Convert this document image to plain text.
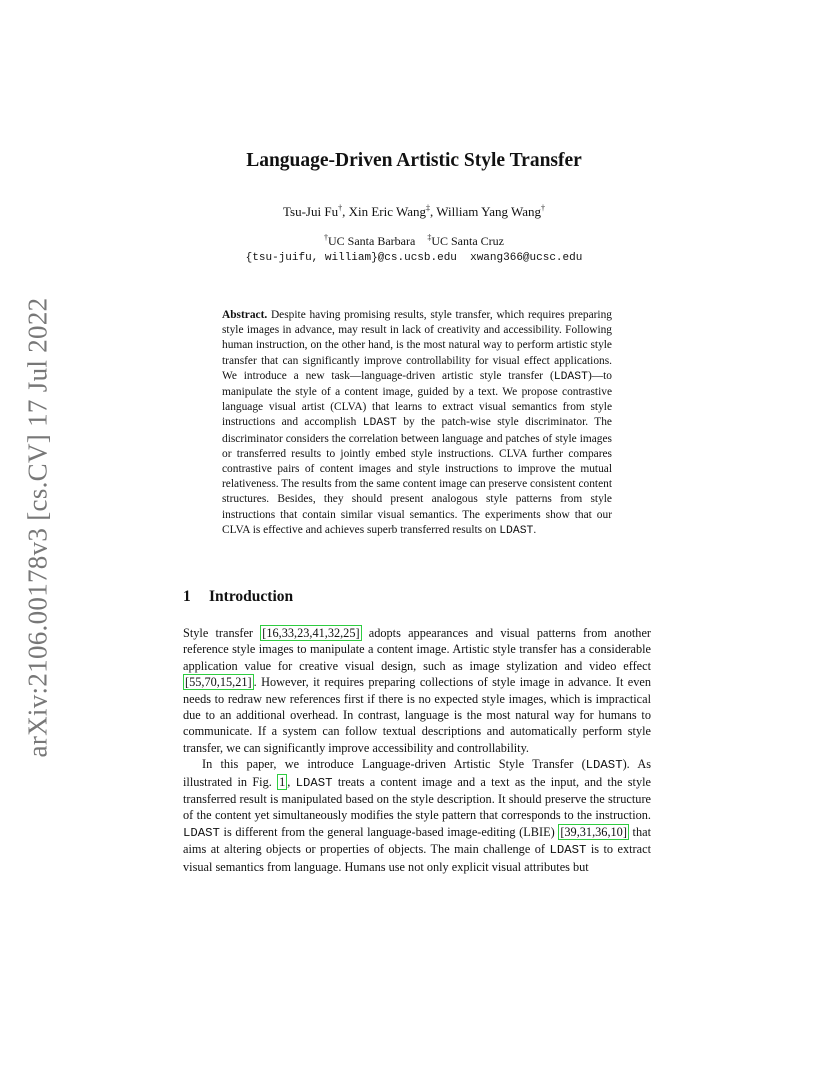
arXiv:2106.00178v3 [cs.CV] 17 Jul 2022
Language-Driven Artistic Style Transfer
Tsu-Jui Fu†, Xin Eric Wang‡, William Yang Wang†
†UC Santa Barbara ‡UC Santa Cruz
{tsu-juifu, william}@cs.ucsb.edu xwang366@ucsc.edu
Abstract. Despite having promising results, style transfer, which requires preparing style images in advance, may result in lack of creativity and accessibility. Following human instruction, on the other hand, is the most natural way to perform artistic style transfer that can significantly improve controllability for visual effect applications. We introduce a new task—language-driven artistic style transfer (LDAST)—to manipulate the style of a content image, guided by a text. We propose contrastive language visual artist (CLVA) that learns to extract visual semantics from style instructions and accomplish LDAST by the patch-wise style discriminator. The discriminator considers the correlation between language and patches of style images or transferred results to jointly embed style instructions. CLVA further compares contrastive pairs of content images and style instructions to improve the mutual relativeness. The results from the same content image can preserve consistent content structures. Besides, they should present analogous style patterns from style instructions that contain similar visual semantics. The experiments show that our CLVA is effective and achieves superb transferred results on LDAST.
1 Introduction

Style transfer [16,33,23,41,32,25] adopts appearances and visual patterns from another reference style images to manipulate a content image. Artistic style transfer has a considerable application value for creative visual design, such as image stylization and video effect [55,70,15,21] . However, it requires preparing collections of style image in advance. It even needs to redraw new references first if there is no expected style images, which is impractical due to an additional overhead. In contrast, language is the most natural way for humans to communicate. If a system can follow textual descriptions and automatically perform style transfer, we can significantly improve accessibility and controllability.

In this paper, we introduce Language-driven Artistic Style Transfer (LDAST). As illustrated in Fig. 1 , LDAST treats a content image and a text as the input, and the style transferred result is manipulated based on the style description. It should preserve the structure of the content yet simultaneously modifies the style pattern that corresponds to the instruction. LDAST is different from the general language-based image-editing (LBIE) [39,31,36,10] that aims at altering objects or properties of objects. The main challenge of LDAST is to extract visual semantics from language. Humans use not only explicit visual attributes but
